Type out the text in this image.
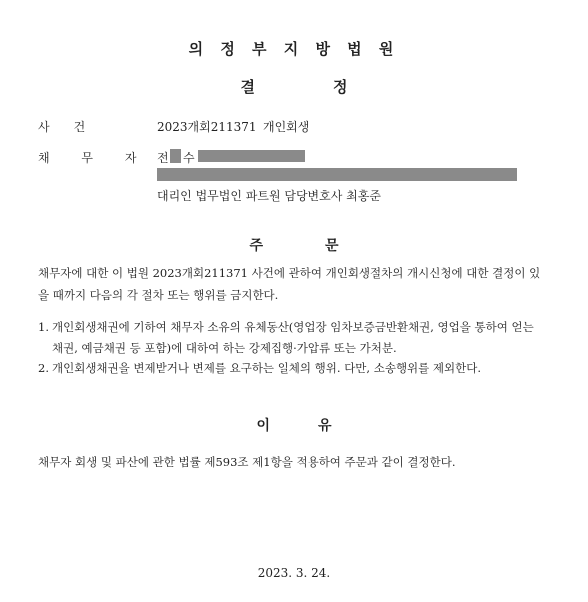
의 정 부 지 방 법 원
결	정
사　　건	2023개회211371 개인회생
채 무 자 전 수
대리인 법무법인 파트원 담당변호사 최홍준
주	문
채무자에 대한 이 법원 2023개회211371 사건에 관하여 개인회생절차의 개시신청에 대한 결정이 있을 때까지 다음의 각 절차 또는 행위를 금지한다.
1. 개인회생채권에 기하여 채무자 소유의 유체동산(영업장 임차보증금반환채권, 영업을 통하여 얻는 채권, 예금채권 등 포함)에 대하여 하는 강제집행·가압류 또는 가처분.
2. 개인회생채권을 변제받거나 변제를 요구하는 일체의 행위. 다만, 소송행위를 제외한다.
이	유
채무자 회생 및 파산에 관한 법률 제593조 제1항을 적용하여 주문과 같이 결정한다.
2023. 3. 24.
